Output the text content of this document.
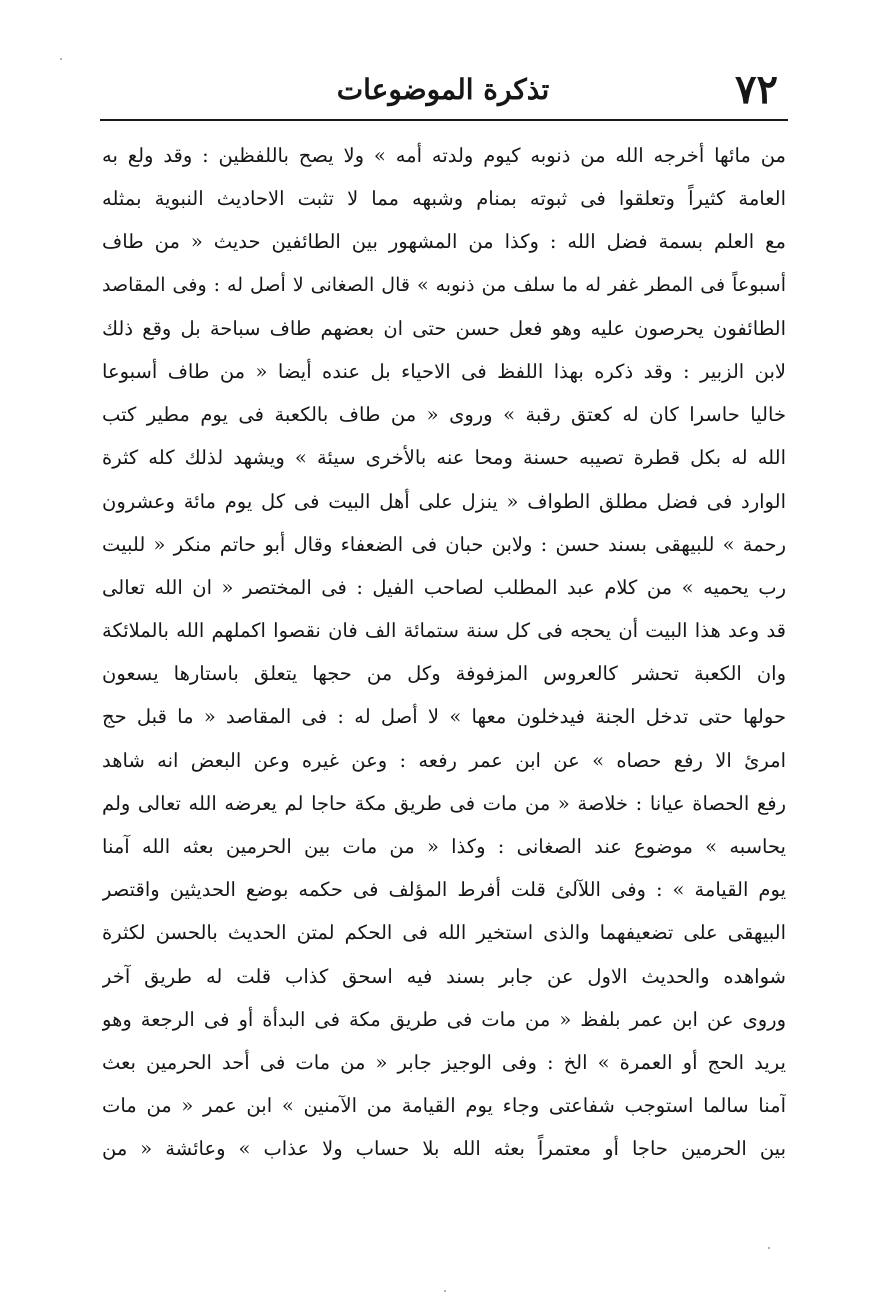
٧٢
تذكرة الموضوعات
من مائها أخرجه الله من ذنوبه كيوم ولدته أمه » ولا يصح باللفظين : وقد ولع به
العامة كثيراً وتعلقوا فى ثبوته بمنام وشبهه مما لا تثبت الاحاديث النبوية بمثله
مع العلم بسمة فضل الله : وكذا من المشهور بين الطائفين حديث « من طاف
أسبوعاً فى المطر غفر له ما سلف من ذنوبه » قال الصغانى لا أصل له : وفى المقاصد
الطائفون يحرصون عليه وهو فعل حسن حتى ان بعضهم طاف سباحة بل وقع ذلك
لابن الزبير : وقد ذكره بهذا اللفظ فى الاحياء بل عنده أيضا « من طاف أسبوعا
خاليا حاسرا كان له كعتق رقبة » وروى « من طاف بالكعبة فى يوم مطير كتب
الله له بكل قطرة تصيبه حسنة ومحا عنه بالأخرى سيئة » ويشهد لذلك كله كثرة
الوارد فى فضل مطلق الطواف « ينزل على أهل البيت فى كل يوم مائة وعشرون
رحمة » للبيهقى بسند حسن : ولابن حبان فى الضعفاء وقال أبو حاتم منكر « للبيت
رب يحميه » من كلام عبد المطلب لصاحب الفيل : فى المختصر « ان الله تعالى
قد وعد هذا البيت أن يحجه فى كل سنة ستمائة الف فان نقصوا اكملهم الله بالملائكة
وان الكعبة تحشر كالعروس المزفوفة وكل من حجها يتعلق باستارها يسعون
حولها حتى تدخل الجنة فيدخلون معها » لا أصل له : فى المقاصد « ما قبل حج
امرئ الا رفع حصاه » عن ابن عمر رفعه : وعن غيره وعن البعض انه شاهد
رفع الحصاة عيانا : خلاصة « من مات فى طريق مكة حاجا لم يعرضه الله تعالى ولم
يحاسبه » موضوع عند الصغانى : وكذا « من مات بين الحرمين بعثه الله آمنا
يوم القيامة » : وفى اللآلئ قلت أفرط المؤلف فى حكمه بوضع الحديثين واقتصر
البيهقى على تضعيفهما والذى استخير الله فى الحكم لمتن الحديث بالحسن لكثرة
شواهده والحديث الاول عن جابر بسند فيه اسحق كذاب قلت له طريق آخر
وروى عن ابن عمر بلفظ « من مات فى طريق مكة فى البدأة أو فى الرجعة وهو
يريد الحج أو العمرة » الخ : وفى الوجيز جابر « من مات فى أحد الحرمين بعث
آمنا سالما استوجب شفاعتى وجاء يوم القيامة من الآمنين » ابن عمر « من مات
بين الحرمين حاجا أو معتمراً بعثه الله بلا حساب ولا عذاب » وعائشة « من
